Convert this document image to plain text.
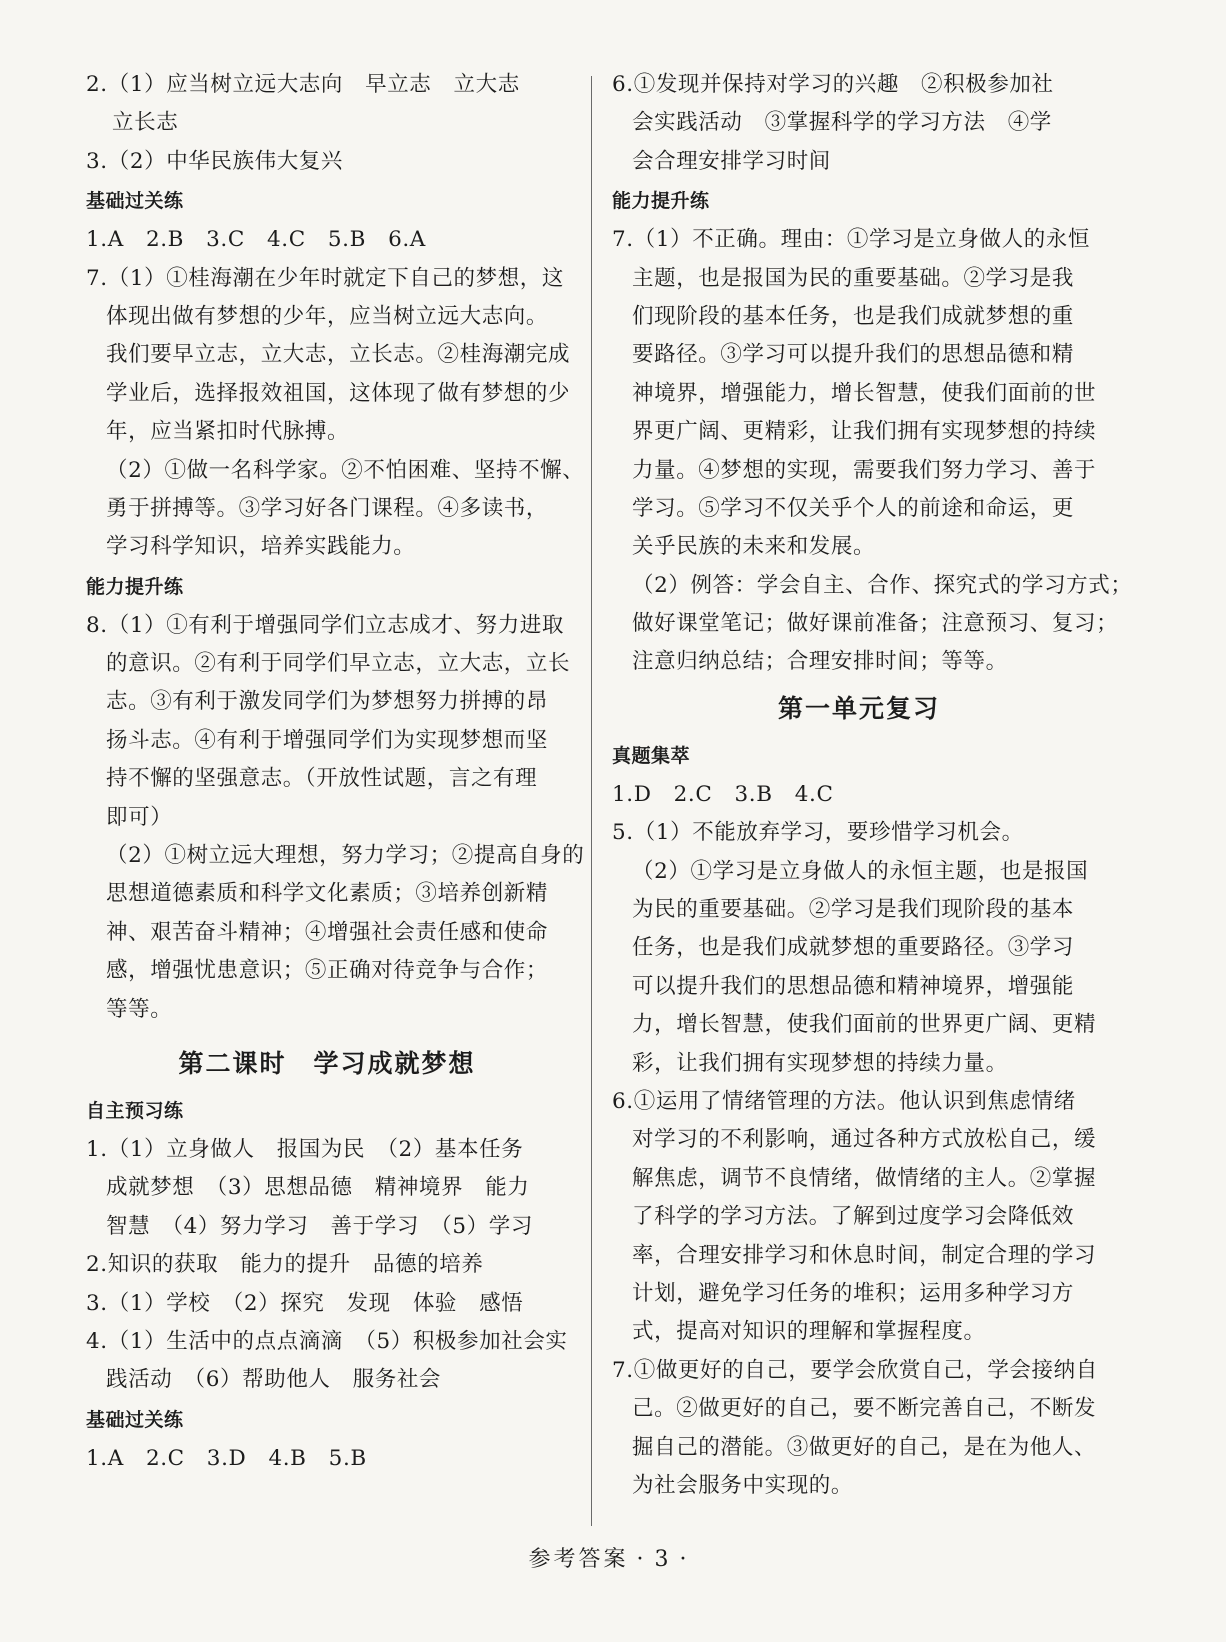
2.（1）应当树立远大志向　早立志　立大志
立长志
3.（2）中华民族伟大复兴
基础过关练
1.A　2.B　3.C　4.C　5.B　6.A
7.（1）①桂海潮在少年时就定下自己的梦想，这
体现出做有梦想的少年，应当树立远大志向。
我们要早立志，立大志，立长志。②桂海潮完成
学业后，选择报效祖国，这体现了做有梦想的少
年，应当紧扣时代脉搏。
（2）①做一名科学家。②不怕困难、坚持不懈、
勇于拼搏等。③学习好各门课程。④多读书，
学习科学知识，培养实践能力。
能力提升练
8.（1）①有利于增强同学们立志成才、努力进取
的意识。②有利于同学们早立志，立大志，立长
志。③有利于激发同学们为梦想努力拼搏的昂
扬斗志。④有利于增强同学们为实现梦想而坚
持不懈的坚强意志。（开放性试题，言之有理
即可）
（2）①树立远大理想，努力学习；②提高自身的
思想道德素质和科学文化素质；③培养创新精
神、艰苦奋斗精神；④增强社会责任感和使命
感，增强忧患意识；⑤正确对待竞争与合作；
等等。
第二课时　学习成就梦想
自主预习练
1.（1）立身做人　报国为民　（2）基本任务
成就梦想　（3）思想品德　精神境界　能力
智慧　（4）努力学习　善于学习　（5）学习
2.知识的获取　能力的提升　品德的培养
3.（1）学校　（2）探究　发现　体验　感悟
4.（1）生活中的点点滴滴　（5）积极参加社会实
践活动　（6）帮助他人　服务社会
基础过关练
1.A　2.C　3.D　4.B　5.B
6.①发现并保持对学习的兴趣　②积极参加社
会实践活动　③掌握科学的学习方法　④学
会合理安排学习时间
能力提升练
7.（1）不正确。理由：①学习是立身做人的永恒
主题，也是报国为民的重要基础。②学习是我
们现阶段的基本任务，也是我们成就梦想的重
要路径。③学习可以提升我们的思想品德和精
神境界，增强能力，增长智慧，使我们面前的世
界更广阔、更精彩，让我们拥有实现梦想的持续
力量。④梦想的实现，需要我们努力学习、善于
学习。⑤学习不仅关乎个人的前途和命运，更
关乎民族的未来和发展。
（2）例答：学会自主、合作、探究式的学习方式；
做好课堂笔记；做好课前准备；注意预习、复习；
注意归纳总结；合理安排时间；等等。
第一单元复习
真题集萃
1.D　2.C　3.B　4.C
5.（1）不能放弃学习，要珍惜学习机会。
（2）①学习是立身做人的永恒主题，也是报国
为民的重要基础。②学习是我们现阶段的基本
任务，也是我们成就梦想的重要路径。③学习
可以提升我们的思想品德和精神境界，增强能
力，增长智慧，使我们面前的世界更广阔、更精
彩，让我们拥有实现梦想的持续力量。
6.①运用了情绪管理的方法。他认识到焦虑情绪
对学习的不利影响，通过各种方式放松自己，缓
解焦虑，调节不良情绪，做情绪的主人。②掌握
了科学的学习方法。了解到过度学习会降低效
率，合理安排学习和休息时间，制定合理的学习
计划，避免学习任务的堆积；运用多种学习方
式，提高对知识的理解和掌握程度。
7.①做更好的自己，要学会欣赏自己，学会接纳自
己。②做更好的自己，要不断完善自己，不断发
掘自己的潜能。③做更好的自己，是在为他人、
为社会服务中实现的。
参考答案 · 3 ·
